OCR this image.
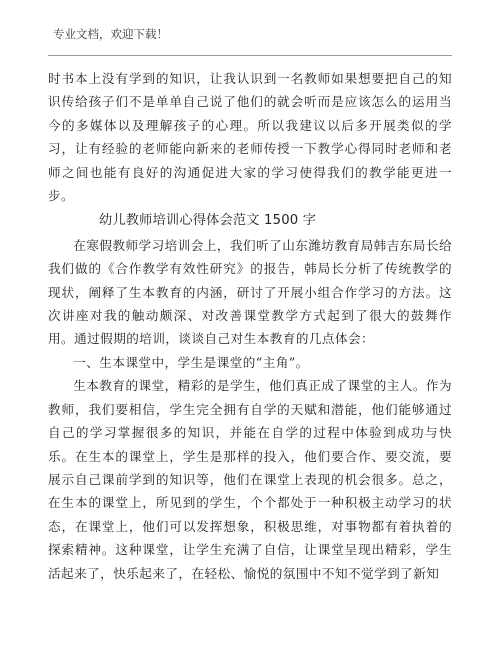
专业文档，欢迎下载！

时书本上没有学到的知识，让我认识到一名教师如果想要把自己的知识传给孩子们不是单单自己说了他们的就会听而是应该怎么的运用当今的多媒体以及理解孩子的心理。所以我建议以后多开展类似的学习，让有经验的老师能向新来的老师传授一下教学心得同时老师和老师之间也能有良好的沟通促进大家的学习使得我们的教学能更进一步。

幼儿教师培训心得体会范文 1500 字

在寒假教师学习培训会上，我们听了山东潍坊教育局韩吉东局长给我们做的《合作教学有效性研究》的报告，韩局长分析了传统教学的现状，阐释了生本教育的内涵，研讨了开展小组合作学习的方法。这次讲座对我的触动颇深、对改善课堂教学方式起到了很大的鼓舞作用。通过假期的培训，谈谈自己对生本教育的几点体会：

一、生本课堂中，学生是课堂的“主角”。

生本教育的课堂，精彩的是学生，他们真正成了课堂的主人。作为教师，我们要相信，学生完全拥有自学的天赋和潜能，他们能够通过自己的学习掌握很多的知识，并能在自学的过程中体验到成功与快乐。在生本的课堂上，学生是那样的投入，他们要合作、要交流，要展示自己课前学到的知识等，他们在课堂上表现的机会很多。总之，在生本的课堂上，所见到的学生，个个都处于一种积极主动学习的状态，在课堂上，他们可以发挥想象，积极思维，对事物都有着执着的探索精神。这种课堂，让学生充满了自信，让课堂呈现出精彩，学生活起来了，快乐起来了，在轻松、愉悦的氛围中不知不觉学到了新知
